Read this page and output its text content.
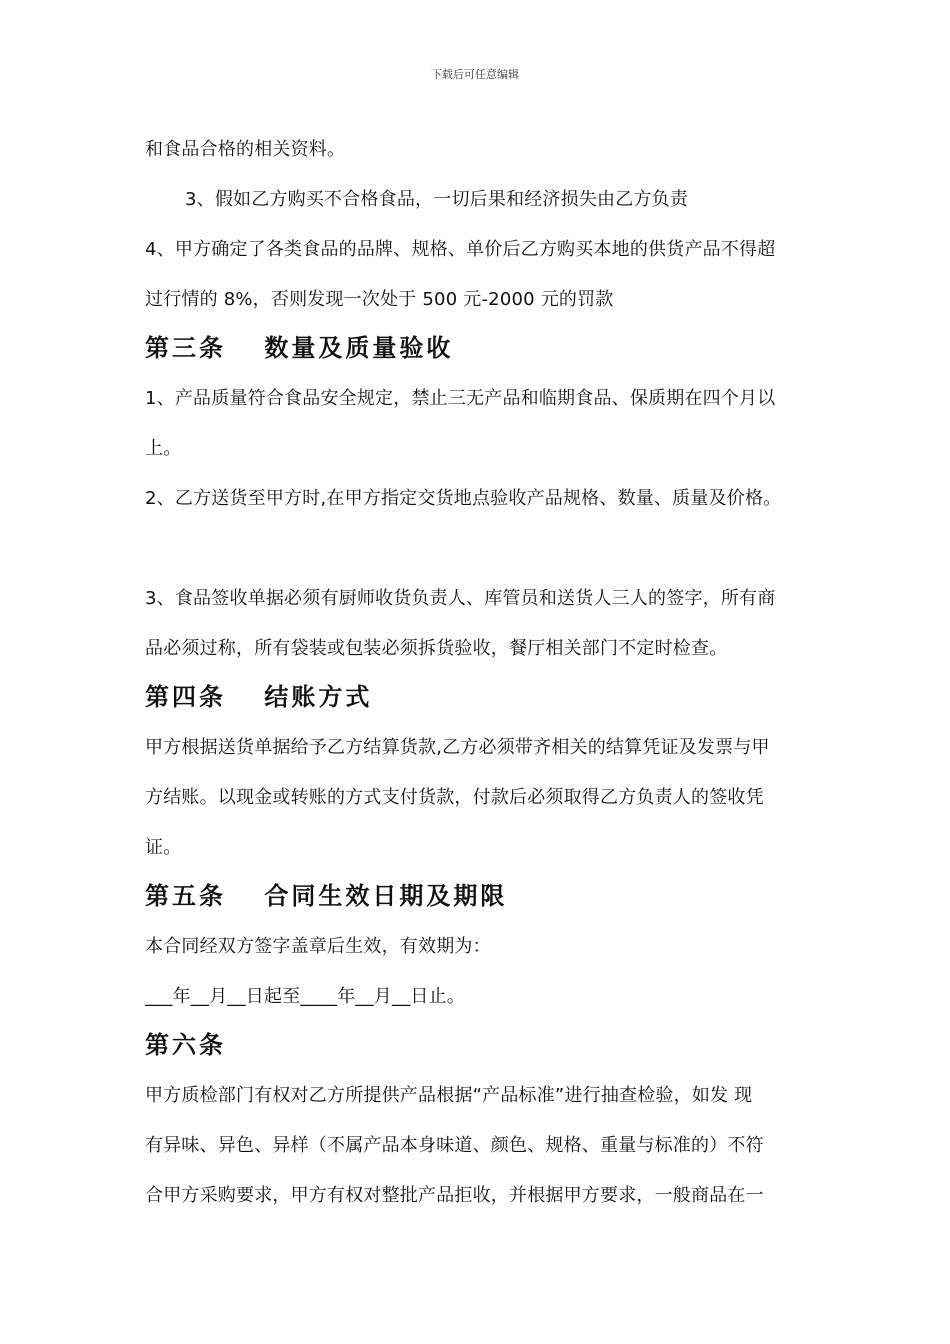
下载后可任意编辑
和食品合格的相关资料。
3、假如乙方购买不合格食品，一切后果和经济损失由乙方负责
4、甲方确定了各类食品的品牌、规格、单价后乙方购买本地的供货产品不得超
过行情的 8%，否则发现一次处于 500 元-2000 元的罚款
第三条　 数量及质量验收
1、产品质量符合食品安全规定，禁止三无产品和临期食品、保质期在四个月以
上。
2、乙方送货至甲方时,在甲方指定交货地点验收产品规格、数量、质量及价格。
3、食品签收单据必须有厨师收货负责人、库管员和送货人三人的签字，所有商
品必须过称，所有袋装或包装必须拆货验收，餐厅相关部门不定时检查。
第四条　 结账方式
甲方根据送货单据给予乙方结算货款,乙方必须带齐相关的结算凭证及发票与甲
方结账。以现金或转账的方式支付货款，付款后必须取得乙方负责人的签收凭
证。
第五条　 合同生效日期及期限
本合同经双方签字盖章后生效，有效期为：
___年__月__日起至____年__月__日止。
第六条
甲方质检部门有权对乙方所提供产品根据“产品标准”进行抽查检验，如发 现
有异味、异色、异样（不属产品本身味道、颜色、规格、重量与标准的）不符
合甲方采购要求，甲方有权对整批产品拒收，并根据甲方要求，一般商品在一
